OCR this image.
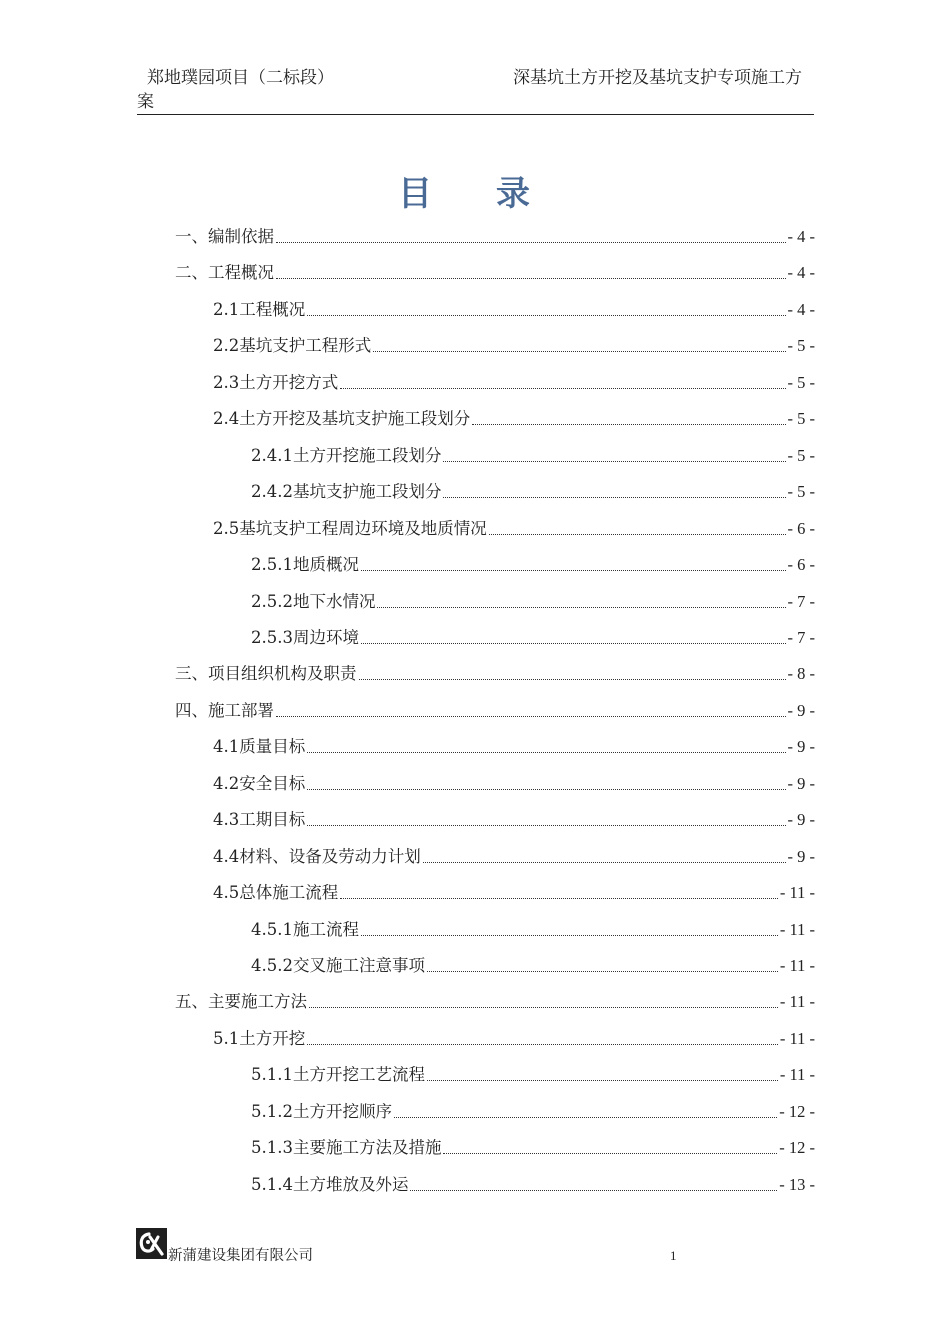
郑地璞园项目（二标段）	深基坑土方开挖及基坑支护专项施工方
案
目录
一、编制依据	- 4 -
二、工程概况	- 4 -
2.1工程概况	- 4 -
2.2基坑支护工程形式	- 5 -
2.3土方开挖方式	- 5 -
2.4土方开挖及基坑支护施工段划分	- 5 -
2.4.1土方开挖施工段划分	- 5 -
2.4.2基坑支护施工段划分	- 5 -
2.5基坑支护工程周边环境及地质情况	- 6 -
2.5.1地质概况	- 6 -
2.5.2地下水情况	- 7 -
2.5.3周边环境	- 7 -
三、项目组织机构及职责	- 8 -
四、施工部署	- 9 -
4.1质量目标	- 9 -
4.2安全目标	- 9 -
4.3工期目标	- 9 -
4.4材料、设备及劳动力计划	- 9 -
4.5总体施工流程	- 11 -
4.5.1施工流程	- 11 -
4.5.2交叉施工注意事项	- 11 -
五、主要施工方法	- 11 -
5.1土方开挖	- 11 -
5.1.1土方开挖工艺流程	- 11 -
5.1.2土方开挖顺序	- 12 -
5.1.3主要施工方法及措施	- 12 -
5.1.4土方堆放及外运	- 13 -
新蒲建设集团有限公司	1
